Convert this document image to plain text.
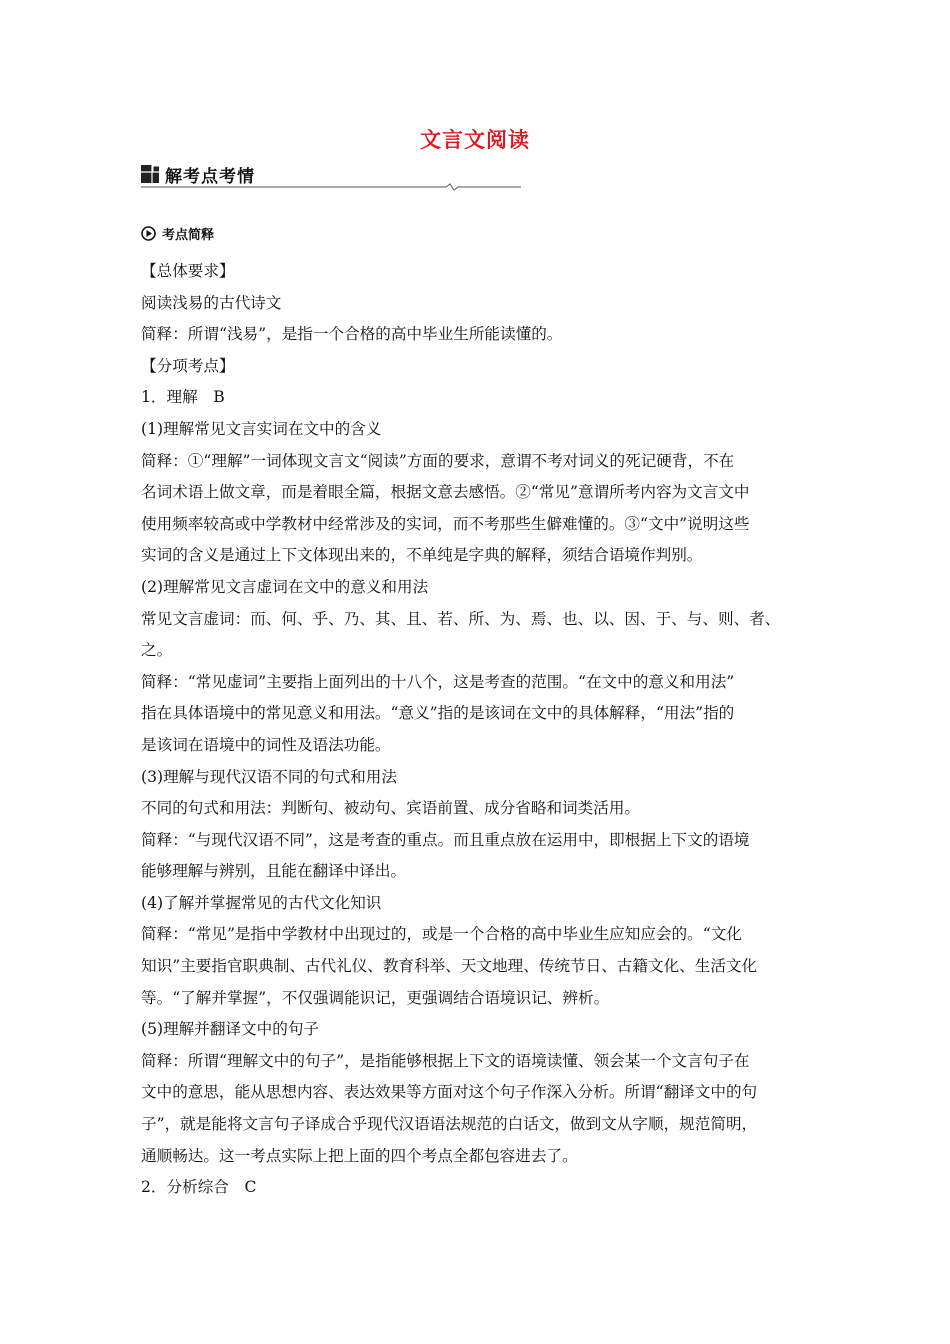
文言文阅读
解考点考情
考点简释
【总体要求】
阅读浅易的古代诗文
简释：所谓“浅易”，是指一个合格的高中毕业生所能读懂的。
【分项考点】
1．理解　B
(1)理解常见文言实词在文中的含义
简释：①“理解”一词体现文言文“阅读”方面的要求，意谓不考对词义的死记硬背，不在
名词术语上做文章，而是着眼全篇，根据文意去感悟。②“常见”意谓所考内容为文言文中
使用频率较高或中学教材中经常涉及的实词，而不考那些生僻难懂的。③“文中”说明这些
实词的含义是通过上下文体现出来的，不单纯是字典的解释，须结合语境作判别。
(2)理解常见文言虚词在文中的意义和用法
常见文言虚词：而、何、乎、乃、其、且、若、所、为、焉、也、以、因、于、与、则、者、
之。
简释：“常见虚词”主要指上面列出的十八个，这是考查的范围。“在文中的意义和用法”
指在具体语境中的常见意义和用法。“意义”指的是该词在文中的具体解释，“用法”指的
是该词在语境中的词性及语法功能。
(3)理解与现代汉语不同的句式和用法
不同的句式和用法：判断句、被动句、宾语前置、成分省略和词类活用。
简释：“与现代汉语不同”，这是考查的重点。而且重点放在运用中，即根据上下文的语境
能够理解与辨别，且能在翻译中译出。
(4)了解并掌握常见的古代文化知识
简释：“常见”是指中学教材中出现过的，或是一个合格的高中毕业生应知应会的。“文化
知识”主要指官职典制、古代礼仪、教育科举、天文地理、传统节日、古籍文化、生活文化
等。“了解并掌握”，不仅强调能识记，更强调结合语境识记、辨析。
(5)理解并翻译文中的句子
简释：所谓“理解文中的句子”，是指能够根据上下文的语境读懂、领会某一个文言句子在
文中的意思，能从思想内容、表达效果等方面对这个句子作深入分析。所谓“翻译文中的句
子”，就是能将文言句子译成合乎现代汉语语法规范的白话文，做到文从字顺，规范简明，
通顺畅达。这一考点实际上把上面的四个考点全都包容进去了。
2．分析综合　C
